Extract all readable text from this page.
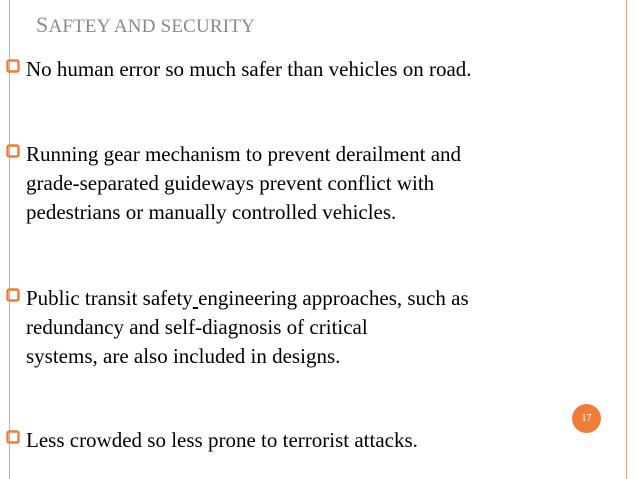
SAFTEY AND SECURITY
No human error so much safer than vehicles on road.
Running gear mechanism to prevent derailment and
grade-separated guideways prevent conflict with
pedestrians or manually controlled vehicles.
Public transit safety engineering approaches, such as
redundancy and self-diagnosis of critical
systems, are also included in designs.
Less crowded so less prone to terrorist attacks.
17
